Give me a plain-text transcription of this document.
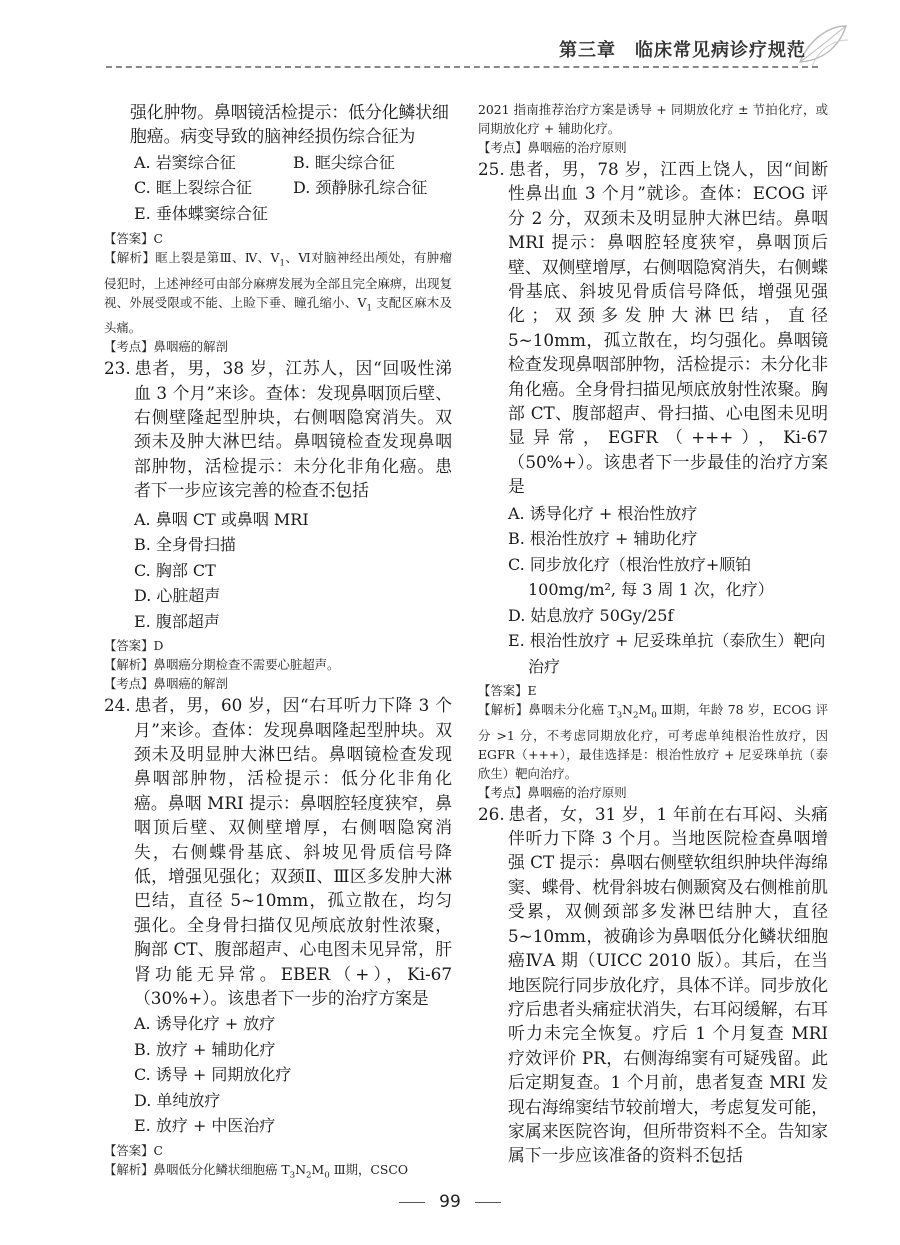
第三章　临床常见病诊疗规范
强化肿物。鼻咽镜活检提示：低分化鳞状细胞癌。病变导致的脑神经损伤综合征为
A. 岩窦综合征	B. 眶尖综合征
C. 眶上裂综合征	D. 颈静脉孔综合征
E. 垂体蝶窦综合征
【答案】C
【解析】眶上裂是第Ⅲ、Ⅳ、$V_1$、Ⅵ对脑神经出颅处，有肿瘤侵犯时，上述神经可由部分麻痹发展为全部且完全麻痹，出现复视、外展受限或不能、上睑下垂、瞳孔缩小、$V_1$ 支配区麻木及头痛。
【考点】鼻咽癌的解剖
23. 患者，男，38 岁，江苏人，因“回吸性涕血 3 个月”来诊。查体：发现鼻咽顶后壁、右侧壁隆起型肿块，右侧咽隐窝消失。双颈未及肿大淋巴结。鼻咽镜检查发现鼻咽部肿物，活检提示：未分化非角化癌。患者下一步应该完善的检查不包括 • • •
A. 鼻咽 CT 或鼻咽 MRI
B. 全身骨扫描
C. 胸部 CT
D. 心脏超声
E. 腹部超声
【答案】D
【解析】鼻咽癌分期检查不需要心脏超声。
【考点】鼻咽癌的解剖
24. 患者，男，60 岁，因“右耳听力下降 3 个月”来诊。查体：发现鼻咽隆起型肿块。双颈未及明显肿大淋巴结。鼻咽镜检查发现鼻咽部肿物，活检提示：低分化非角化癌。鼻咽 MRI 提示：鼻咽腔轻度狭窄，鼻咽顶后壁、双侧壁增厚，右侧咽隐窝消失，右侧蝶骨基底、斜坡见骨质信号降低，增强见强化；双颈Ⅱ、Ⅲ区多发肿大淋巴结，直径 5~10mm，孤立散在，均匀强化。全身骨扫描仅见颅底放射性浓聚，胸部 CT、腹部超声、心电图未见异常，肝肾功能无异常。EBER（+），Ki-67（30%+）。该患者下一步的治疗方案是
A. 诱导化疗 + 放疗
B. 放疗 + 辅助化疗
C. 诱导 + 同期放化疗
D. 单纯放疗
E. 放疗 + 中医治疗
【答案】C
【解析】鼻咽低分化鳞状细胞癌 $T_3N_2M_0$ Ⅲ期，CSCO
2021 指南推荐治疗方案是诱导 + 同期放化疗 ± 节拍化疗，或同期放化疗 + 辅助化疗。
【考点】鼻咽癌的治疗原则
25. 患者，男，78 岁，江西上饶人，因“间断性鼻出血 3 个月”就诊。查体：ECOG 评分 2 分，双颈未及明显肿大淋巴结。鼻咽 MRI 提示：鼻咽腔轻度狭窄，鼻咽顶后壁、双侧壁增厚，右侧咽隐窝消失，右侧蝶骨基底、斜坡见骨质信号降低，增强见强化；双颈多发肿大淋巴结，直径 5~10mm，孤立散在，均匀强化。鼻咽镜检查发现鼻咽部肿物，活检提示：未分化非角化癌。全身骨扫描见颅底放射性浓聚。胸部 CT、腹部超声、骨扫描、心电图未见明显异常，EGFR（+++），Ki-67（50%+）。该患者下一步最佳的治疗方案是
A. 诱导化疗 + 根治性放疗
B. 根治性放疗 + 辅助化疗
C. 同步放化疗（根治性放疗+顺铂100mg/m², 每 3 周 1 次，化疗）
D. 姑息放疗 50Gy/25f
E. 根治性放疗 + 尼妥珠单抗（泰欣生）靶向治疗
【答案】E
【解析】鼻咽未分化癌 $T_3N_2M_0$ Ⅲ期，年龄 78 岁，ECOG 评分 >1 分，不考虑同期放化疗，可考虑单纯根治性放疗，因 EGFR（+++），最佳选择是：根治性放疗 + 尼妥珠单抗（泰欣生）靶向治疗。
【考点】鼻咽癌的治疗原则
26. 患者，女，31 岁，1 年前在右耳闷、头痛伴听力下降 3 个月。当地医院检查鼻咽增强 CT 提示：鼻咽右侧壁软组织肿块伴海绵窦、蝶骨、枕骨斜坡右侧颞窝及右侧椎前肌受累，双侧颈部多发淋巴结肿大，直径 5~10mm，被确诊为鼻咽低分化鳞状细胞癌ⅣA 期（UICC 2010 版）。其后，在当地医院行同步放化疗，具体不详。同步放化疗后患者头痛症状消失，右耳闷缓解，右耳听力未完全恢复。疗后 1 个月复查 MRI 疗效评价 PR，右侧海绵窦有可疑残留。此后定期复查。1 个月前，患者复查 MRI 发现右海绵窦结节较前增大，考虑复发可能，家属来医院咨询，但所带资料不全。告知家属下一步应该准备的资料不包括 • • •
99
